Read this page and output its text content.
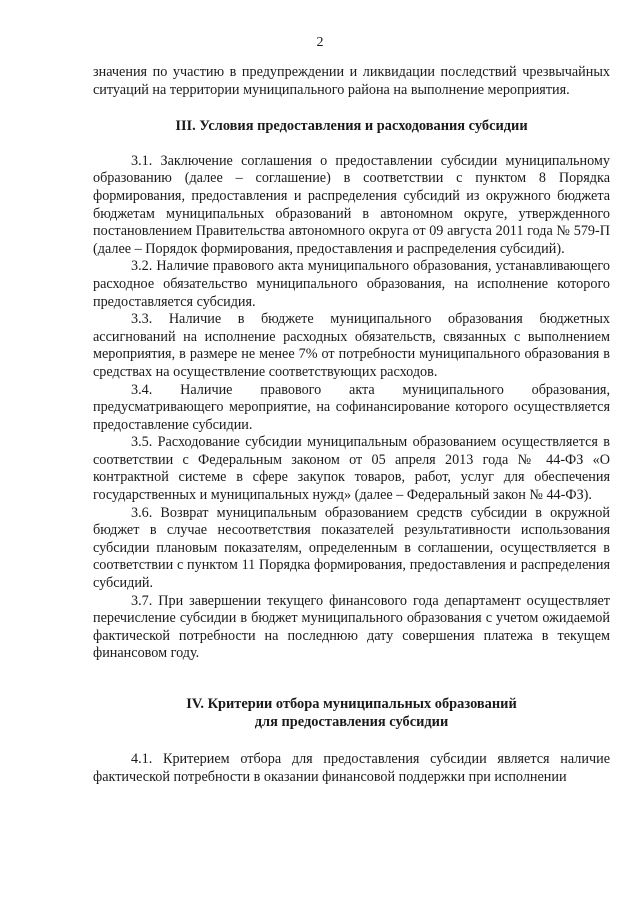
2

значения по участию в предупреждении и ликвидации последствий чрезвычайных ситуаций на территории муниципального района на выполнение мероприятия.

III. Условия предоставления и расходования субсидии

3.1. Заключение соглашения о предоставлении субсидии муниципальному образованию (далее – соглашение) в соответствии с пунктом 8 Порядка формирования, предоставления и распределения субсидий из окружного бюджета бюджетам муниципальных образований в автономном округе, утвержденного постановлением Правительства автономного округа от 09 августа 2011 года № 579-П (далее – Порядок формирования, предоставления и распределения субсидий).

3.2. Наличие правового акта муниципального образования, устанавливающего расходное обязательство муниципального образования, на исполнение которого предоставляется субсидия.

3.3. Наличие в бюджете муниципального образования бюджетных ассигнований на исполнение расходных обязательств, связанных с выполнением мероприятия, в размере не менее 7% от потребности муниципального образования в средствах на осуществление соответствующих расходов.

3.4. Наличие правового акта муниципального образования, предусматривающего мероприятие, на софинансирование которого осуществляется предоставление субсидии.

3.5. Расходование субсидии муниципальным образованием осуществляется в соответствии с Федеральным законом от 05 апреля 2013 года № 44-ФЗ «О контрактной системе в сфере закупок товаров, работ, услуг для обеспечения государственных и муниципальных нужд» (далее – Федеральный закон № 44-ФЗ).

3.6. Возврат муниципальным образованием средств субсидии в окружной бюджет в случае несоответствия показателей результативности использования субсидии плановым показателям, определенным в соглашении, осуществляется в соответствии с пунктом 11 Порядка формирования, предоставления и распределения субсидий.

3.7. При завершении текущего финансового года департамент осуществляет перечисление субсидии в бюджет муниципального образования с учетом ожидаемой фактической потребности на последнюю дату совершения платежа в текущем финансовом году.

IV. Критерии отбора муниципальных образований
для предоставления субсидии

4.1. Критерием отбора для предоставления субсидии является наличие фактической потребности в оказании финансовой поддержки при исполнении
